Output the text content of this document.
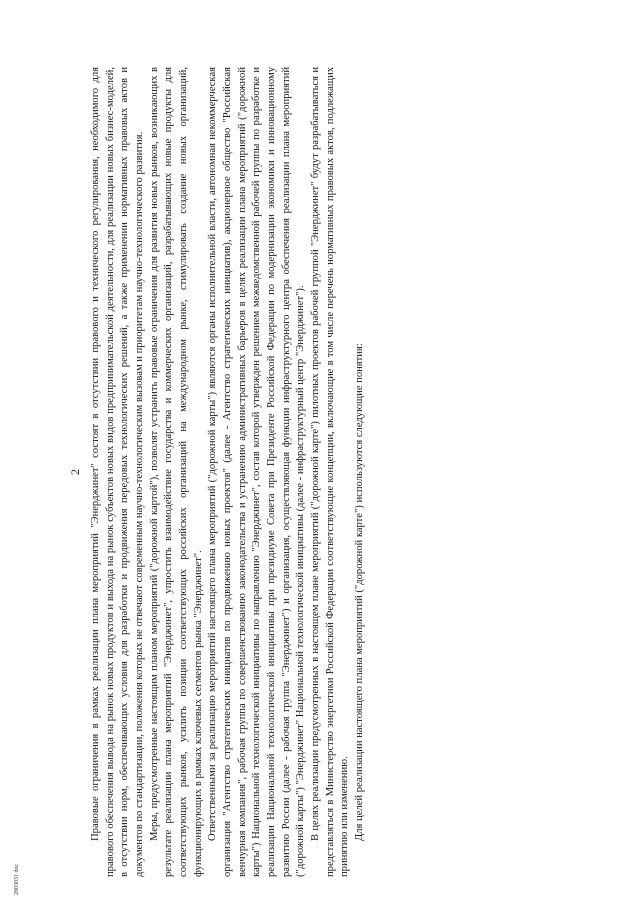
2 Правовые ограничения в рамках реализации плана мероприятий "Энерджинет" состоят в отсутствии правового и технического регулирования, необходимого для правового обеспечения вывода на рынок новых продуктов и выхода на рынок субъектов новых видов предпринимательской деятельности, для реализации новых бизнес-моделей, в отсутствии норм, обеспечивающих условия для разработки и продвижения передовых технологических решений, а также применении нормативных правовых актов и документов по стандартизации, положения которых не отвечают современным научно-технологическим вызовам и приоритетам научно-технологического развития. Меры, предусмотренные настоящим планом мероприятий ("дорожной картой"), позволят устранить правовые ограничения для развития новых рынков, возникающих в результате реализации плана мероприятий "Энерджинет", упростить взаимодействие государства и коммерческих организаций, разрабатывающих новые продукты для соответствующих рынков, усилить позиции соответствующих российских организаций на международном рынке, стимулировать создание новых организаций, функционирующих в рамках ключевых сегментов рынка "Энерджинет". Ответственными за реализацию мероприятий настоящего плана мероприятий ("дорожной карты") являются органы исполнительной власти, автономная некоммерческая организация "Агентство стратегических инициатив по продвижению новых проектов" (далее - Агентство стратегических инициатив), акционерное общество "Российская венчурная компания", рабочая группа по совершенствованию законодательства и устранению административных барьеров в целях реализации плана мероприятий ("дорожной карты") Национальной технологической инициативы по направлению "Энерджинет", состав которой утвержден решением межведомственной рабочей группы по разработке и реализации Национальной технологической инициативы при президиуме Совета при Президенте Российской Федерации по модернизации экономики и инновационному развитию России (далее - рабочая группа "Энерджинет") и организация, осуществляющая функции инфраструктурного центра обеспечения реализации плана мероприятий ("дорожной карты") "Энерджинет" Национальной технологической инициативы (далее - инфраструктурный центр "Энерджинет"). В целях реализации предусмотренных в настоящем плане мероприятий ("дорожной карте") пилотных проектов рабочей группой "Энерджинет" будут разрабатываться и представляться в Министерство энергетики Российской Федерации соответствующие концепции, включающие в том числе перечень нормативных правовых актов, подлежащих принятию или изменению. Для целей реализации настоящего плана мероприятий ("дорожной карте") используются следующие понятия:

2803031 doc
